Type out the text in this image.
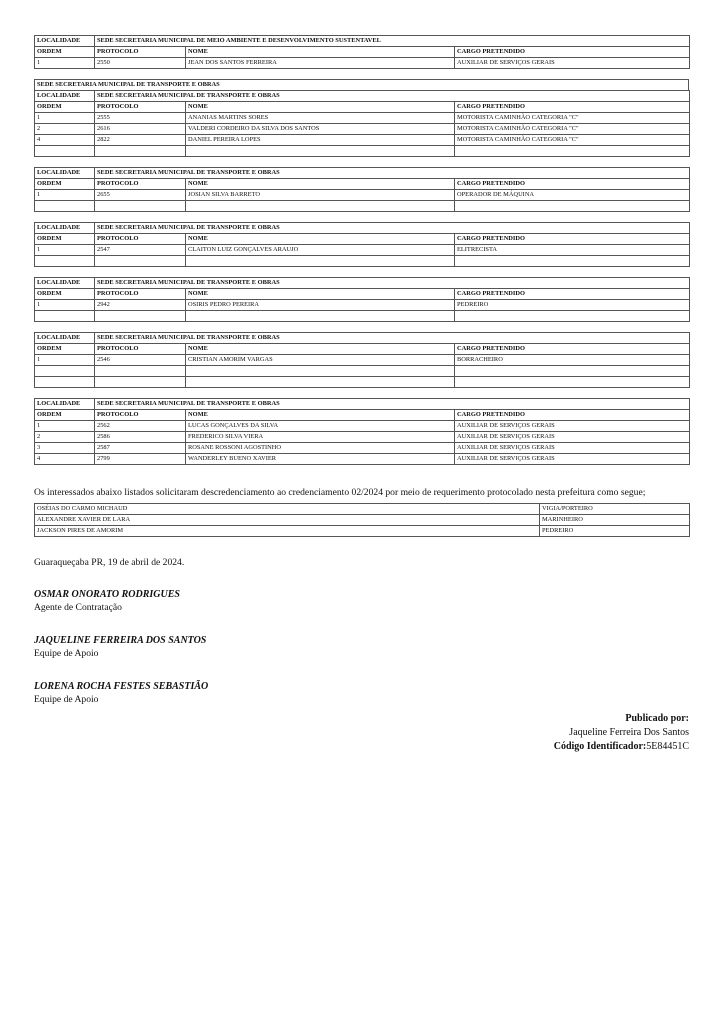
LOCALIDADE	SEDE SECRETARIA MUNICIPAL DE MEIO AMBIENTE E DESENVOLVIMENTO SUSTENTAVEL		
ORDEM	PROTOCOLO	NOME	CARGO PRETENDIDO
1	2550	JEAN DOS SANTOS FERREIRA	AUXILIAR DE SERVIÇOS GERAIS
SEDE SECRETARIA MUNICIPAL DE TRANSPORTE E OBRAS
LOCALIDADE	SEDE SECRETARIA MUNICIPAL DE TRANSPORTE E OBRAS		
ORDEM	PROTOCOLO	NOME	CARGO PRETENDIDO
1	2555	ANANIAS MARTINS SORES	MOTORISTA CAMINHÃO CATEGORIA "C"
2	2616	VALDERI CORDEIRO DA SILVA DOS SANTOS	MOTORISTA CAMINHÃO CATEGORIA "C"
4	2822	DANIEL PEREIRA LOPES	MOTORISTA CAMINHÃO CATEGORIA "C"

LOCALIDADE	SEDE SECRETARIA MUNICIPAL DE TRANSPORTE E OBRAS		
ORDEM	PROTOCOLO	NOME	CARGO PRETENDIDO
1	2655	JOSIAN SILVA BARRETO	OPERADOR DE MÁQUINA

LOCALIDADE	SEDE SECRETARIA MUNICIPAL DE TRANSPORTE E OBRAS		
ORDEM	PROTOCOLO	NOME	CARGO PRETENDIDO
1	2547	CLAITON LUIZ GONÇALVES ARAUJO	ELITRECISTA

LOCALIDADE	SEDE SECRETARIA MUNICIPAL DE TRANSPORTE E OBRAS		
ORDEM	PROTOCOLO	NOME	CARGO PRETENDIDO
1	2942	OSIRIS PEDRO PEREIRA	PEDREIRO

LOCALIDADE	SEDE SECRETARIA MUNICIPAL DE TRANSPORTE E OBRAS		
ORDEM	PROTOCOLO	NOME	CARGO PRETENDIDO
1	2546	CRISTIAN AMORIM VARGAS	BORRACHEIRO

LOCALIDADE	SEDE SECRETARIA MUNICIPAL DE TRANSPORTE E OBRAS		
ORDEM	PROTOCOLO	NOME	CARGO PRETENDIDO
1	2562	LUCAS GONÇALVES DA SILVA	AUXILIAR DE SERVIÇOS GERAIS
2	2586	FREDERICO SILVA VIERA	AUXILIAR DE SERVIÇOS GERAIS
3	2587	ROSANE ROSSONI AGOSTINHO	AUXILIAR DE SERVIÇOS GERAIS
4	2799	WANDERLEY BUENO XAVIER	AUXILIAR DE SERVIÇOS GERAIS

Os interessados abaixo listados solicitaram descredenciamento ao credenciamento 02/2024 por meio de requerimento protocolado nesta prefeitura como segue;

OSÉIAS DO CARMO MICHAUD	VIGIA/PORTEIRO
ALEXANDRE XAVIER DE LARA	MARINHEIRO
JACKSON PIRES DE AMORIM	PEDREIRO
Guaraqueçaba PR, 19 de abril de 2024.
OSMAR ONORATO RODRIGUES
Agente de Contratação
JAQUELINE FERREIRA DOS SANTOS
Equipe de Apoio
LORENA ROCHA FESTES SEBASTIÃO
Equipe de Apoio
Publicado por:
Jaqueline Ferreira Dos Santos
Código Identificador:5E84451C
